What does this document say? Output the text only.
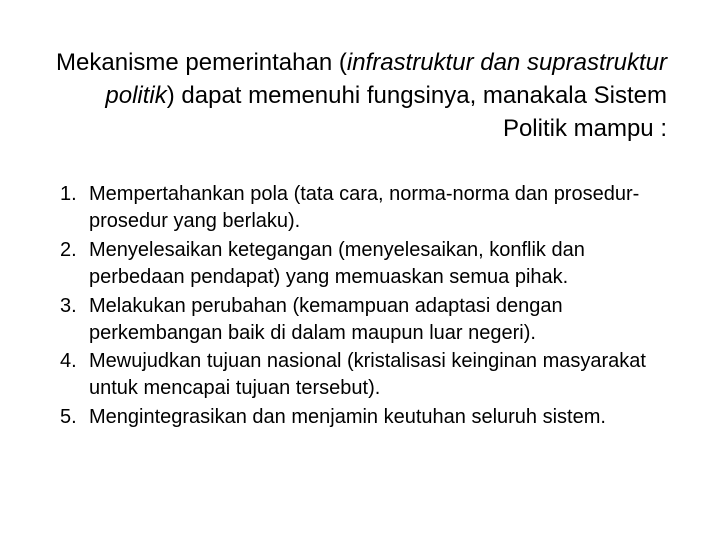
Mekanisme pemerintahan (infrastruktur dan suprastruktur politik) dapat memenuhi fungsinya, manakala Sistem Politik mampu :
1. Mempertahankan pola (tata cara, norma-norma dan prosedur-prosedur yang berlaku).
2. Menyelesaikan ketegangan (menyelesaikan, konflik dan perbedaan pendapat) yang memuaskan semua pihak.
3. Melakukan perubahan (kemampuan adaptasi dengan perkembangan baik di dalam maupun luar negeri).
4. Mewujudkan tujuan nasional (kristalisasi keinginan masyarakat untuk mencapai tujuan tersebut).
5. Mengintegrasikan dan menjamin keutuhan seluruh sistem.
